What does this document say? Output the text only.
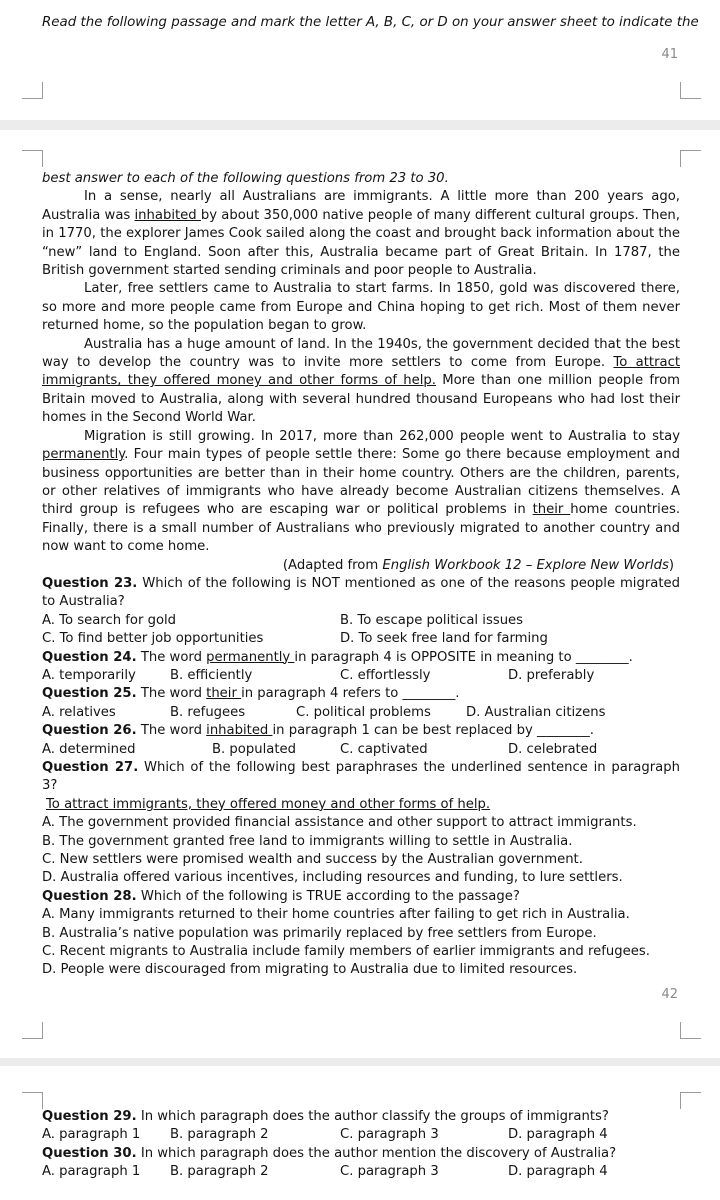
Read the following passage and mark the letter A, B, C, or D on your answer sheet to indicate the
41

best answer to each of the following questions from 23 to 30.

In a sense, nearly all Australians are immigrants. A little more than 200 years ago, Australia was inhabited by about 350,000 native people of many different cultural groups. Then, in 1770, the explorer James Cook sailed along the coast and brought back information about the “new” land to England. Soon after this, Australia became part of Great Britain. In 1787, the British government started sending criminals and poor people to Australia.

Later, free settlers came to Australia to start farms. In 1850, gold was discovered there, so more and more people came from Europe and China hoping to get rich. Most of them never returned home, so the population began to grow.

Australia has a huge amount of land. In the 1940s, the government decided that the best way to develop the country was to invite more settlers to come from Europe. To attract immigrants, they offered money and other forms of help. More than one million people from Britain moved to Australia, along with several hundred thousand Europeans who had lost their homes in the Second World War.

Migration is still growing. In 2017, more than 262,000 people went to Australia to stay permanently. Four main types of people settle there: Some go there because employment and business opportunities are better than in their home country. Others are the children, parents, or other relatives of immigrants who have already become Australian citizens themselves. A third group is refugees who are escaping war or political problems in their home countries. Finally, there is a small number of Australians who previously migrated to another country and now want to come home.

(Adapted from English Workbook 12 – Explore New Worlds)

Question 23. Which of the following is NOT mentioned as one of the reasons people migrated to Australia?

A. To search for gold	B. To escape political issues
C. To find better job opportunities	D. To seek free land for farming

Question 24. The word permanently in paragraph 4 is OPPOSITE in meaning to ________.

A. temporarily	B. efficiently	C. effortlessly	D. preferably

Question 25. The word their in paragraph 4 refers to ________.

A. relatives	B. refugees	C. political problems	D. Australian citizens

Question 26. The word inhabited in paragraph 1 can be best replaced by ________.

A. determined	B. populated	C. captivated	D. celebrated

Question 27. Which of the following best paraphrases the underlined sentence in paragraph 3?

To attract immigrants, they offered money and other forms of help.

A. The government provided financial assistance and other support to attract immigrants.

B. The government granted free land to immigrants willing to settle in Australia.

C. New settlers were promised wealth and success by the Australian government.

D. Australia offered various incentives, including resources and funding, to lure settlers.

Question 28. Which of the following is TRUE according to the passage?

A. Many immigrants returned to their home countries after failing to get rich in Australia.

B. Australia’s native population was primarily replaced by free settlers from Europe.

C. Recent migrants to Australia include family members of earlier immigrants and refugees.

D. People were discouraged from migrating to Australia due to limited resources.

42

Question 29. In which paragraph does the author classify the groups of immigrants?

A. paragraph 1 B. paragraph 2	C. paragraph 3	D. paragraph 4

Question 30. In which paragraph does the author mention the discovery of Australia?

A. paragraph 1 B. paragraph 2	C. paragraph 3	D. paragraph 4
